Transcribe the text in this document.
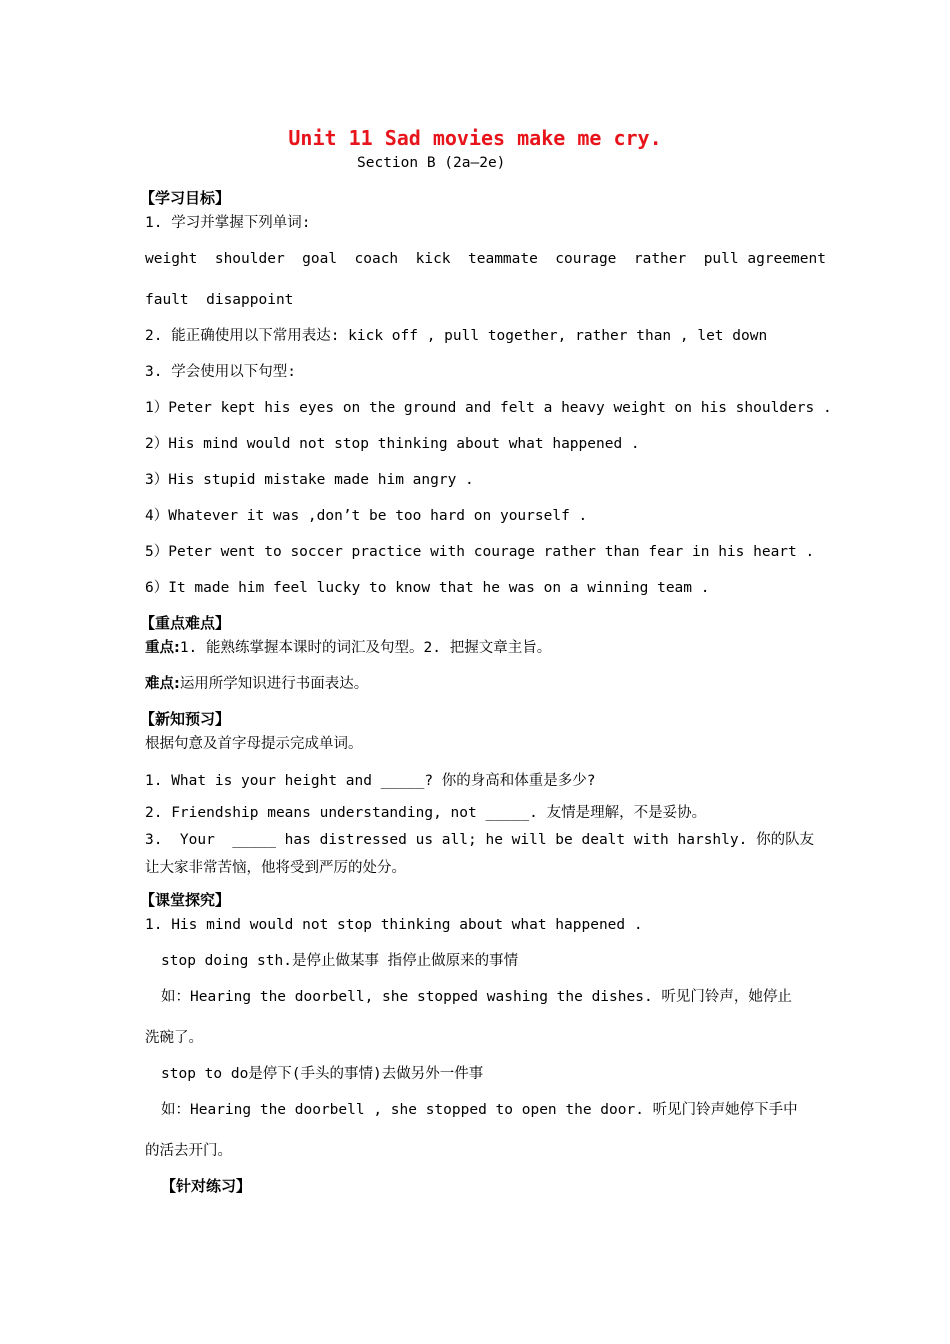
Unit 11 Sad movies make me cry.
Section B (2a—2e)
【学习目标】
1. 学习并掌握下列单词:
weight  shoulder  goal  coach  kick  teammate  courage  rather  pull agreement
fault  disappoint
2. 能正确使用以下常用表达: kick off , pull together, rather than , let down
3. 学会使用以下句型:
1）Peter kept his eyes on the ground and felt a heavy weight on his shoulders .
2）His mind would not stop thinking about what happened .
3）His stupid mistake made him angry .
4）Whatever it was ,don’t be too hard on yourself .
5）Peter went to soccer practice with courage rather than fear in his heart .
6）It made him feel lucky to know that he was on a winning team .
【重点难点】
重点:1. 能熟练掌握本课时的词汇及句型。2. 把握文章主旨。
难点:运用所学知识进行书面表达。
【新知预习】
根据句意及首字母提示完成单词。
1. What is your height and _____? 你的身高和体重是多少?
2. Friendship means understanding, not _____. 友情是理解，不是妥协。
3.  Your  _____ has distressed us all; he will be dealt with harshly. 你的队友
让大家非常苦恼，他将受到严厉的处分。
【课堂探究】
1. His mind would not stop thinking about what happened .
stop doing sth.是停止做某事 指停止做原来的事情
如：Hearing the doorbell, she stopped washing the dishes. 听见门铃声，她停止
洗碗了。
stop to do是停下(手头的事情)去做另外一件事
如：Hearing the doorbell , she stopped to open the door. 听见门铃声她停下手中
的活去开门。
【针对练习】
